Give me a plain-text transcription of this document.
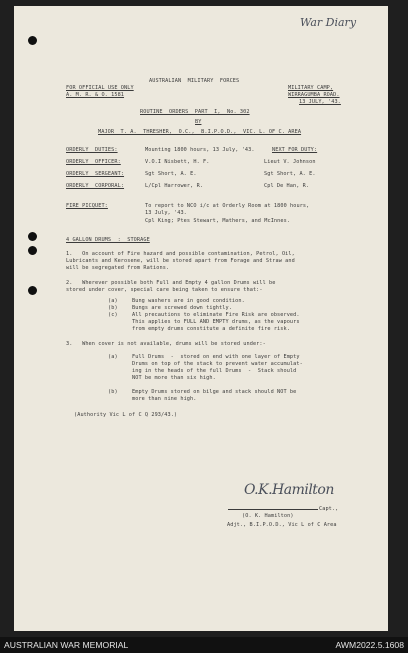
War Diary
AUSTRALIAN  MILITARY  FORCES
FOR OFFICIAL USE ONLY
A. M. R. & O. 1581
MILITARY CAMP,
WIRRAGUMBA ROAD.
13 JULY, '43.
ROUTINE  ORDERS  PART  I,  No. 302
BY
MAJOR  T. A.  THRESHER,  O.C.,  B.I.P.O.D.,  VIC. L. OF C. AREA
ORDERLY  DUTIES:	Mounting 1800 hours, 13 July, '43.	NEXT FOR DUTY:
ORDERLY  OFFICER:	V.O.I Nisbett, H. F.	Lieut V. Johnson
ORDERLY  SERGEANT:	Sgt Short, A. E.	Sgt Short, A. E.
ORDERLY  CORPORAL:	L/Cpl Harrower, R.	Cpl De Han, R.
FIRE PICQUET:	To report to NCO i/c at Orderly Room at 1800 hours,
13 July, '43.
Cpl King; Ptes Stewart, Mathers, and McInnes.
4 GALLON DRUMS  :  STORAGE
1.   On account of Fire hazard and possible contamination, Petrol, Oil,
Lubricants and Kerosene, will be stored apart from Forage and Straw and
will be segregated from Rations.
2.   Wherever possible both Full and Empty 4 gallon Drums will be
stored under cover, special care being taken to ensure that:-
(a)	Bung washers are in good condition.
(b)	Bungs are screwed down tightly.
(c)	All precautions to eliminate Fire Risk are observed.
This applies to FULL AND EMPTY drums, as the vapours
from empty drums constitute a definite fire risk.
3.   When cover is not available, drums will be stored under:-
(a)	Full Drums  -  stored on end with one layer of Empty
Drums on top of the stack to prevent water accumulat-
ing in the heads of the full Drums  -  Stack should
NOT be more than six high.
(b)	Empty Drums stored on bilge and stack should NOT be
more than nine high.
(Authority Vic L of C Q 293/43.)
O.K.Hamilton
Capt.,
(O. K. Hamilton)
Adjt., B.I.P.O.D., Vic L of C Area
AUSTRALIAN WAR MEMORIAL	AWM2022.5.1608
